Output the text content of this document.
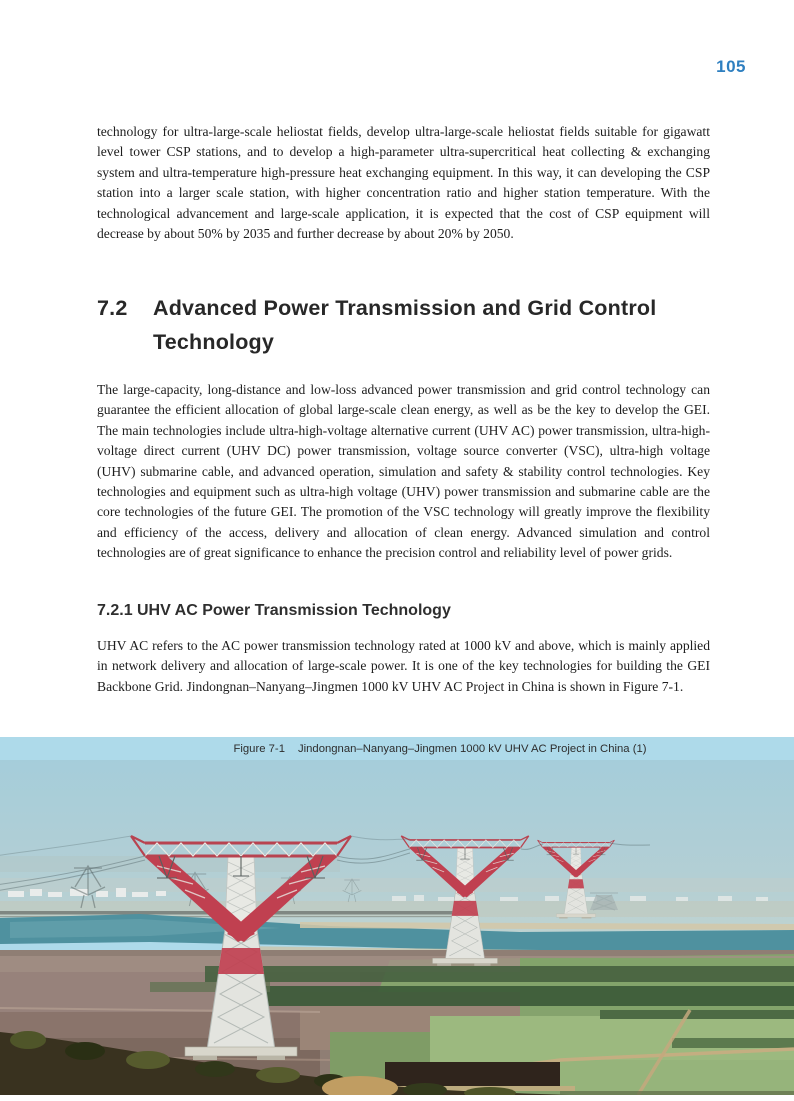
105

technology for ultra-large-scale heliostat fields, develop ultra-large-scale heliostat fields suitable for gigawatt level tower CSP stations, and to develop a high-parameter ultra-supercritical heat collecting & exchanging system and ultra-temperature high-pressure heat exchanging equipment. In this way, it can developing the CSP station into a larger scale station, with higher concentration ratio and higher station temperature. With the technological advancement and large-scale application, it is expected that the cost of CSP equipment will decrease by about 50% by 2035 and further decrease by about 20% by 2050.

7.2	Advanced Power Transmission and Grid Control Technology

The large-capacity, long-distance and low-loss advanced power transmission and grid control technology can guarantee the efficient allocation of global large-scale clean energy, as well as be the key to develop the GEI. The main technologies include ultra-high-voltage alternative current (UHV AC) power transmission, ultra-high-voltage direct current (UHV DC) power transmission, voltage source converter (VSC), ultra-high voltage (UHV) submarine cable, and advanced operation, simulation and safety & stability control technologies. Key technologies and equipment such as ultra-high voltage (UHV) power transmission and submarine cable are the core technologies of the future GEI. The promotion of the VSC technology will greatly improve the flexibility and efficiency of the access, delivery and allocation of clean energy. Advanced simulation and control technologies are of great significance to enhance the precision control and reliability level of power grids.

7.2.1 UHV AC Power Transmission Technology

UHV AC refers to the AC power transmission technology rated at 1000 kV and above, which is mainly applied in network delivery and allocation of large-scale power. It is one of the key technologies for building the GEI Backbone Grid. Jindongnan–Nanyang–Jingmen 1000 kV UHV AC Project in China is shown in Figure 7-1.

Figure 7-1 Jindongnan–Nanyang–Jingmen 1000 kV UHV AC Project in China (1)
